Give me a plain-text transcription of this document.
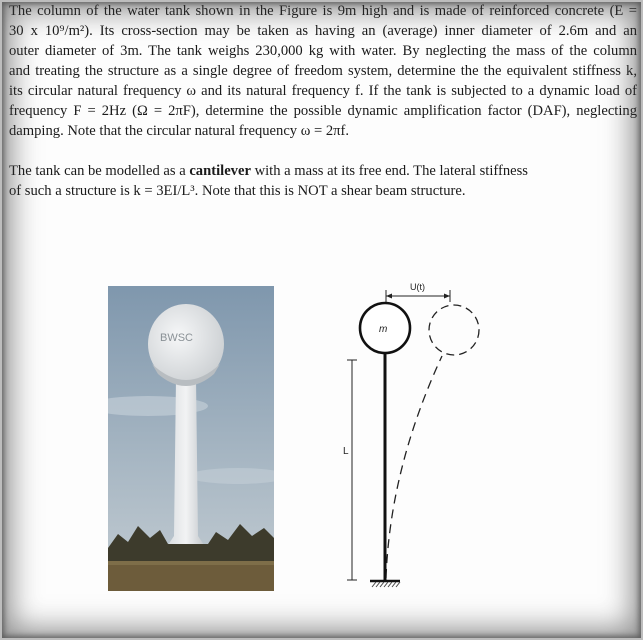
The column of the water tank shown in the Figure is 9m high and is made of reinforced concrete (E =
30 x 10⁹/m²). Its cross-section may be taken as having an (average) inner diameter of 2.6m and an
outer diameter of 3m. The tank weighs 230,000 kg with water. By neglecting the mass of the column
and treating the structure as a single degree of freedom system, determine the the equivalent stiffness k,
its circular natural frequency ω and its natural frequency f. If the tank is subjected to a dynamic load of
frequency F = 2Hz (Ω = 2πF), determine the possible dynamic amplification factor (DAF), neglecting
damping. Note that the circular natural frequency ω = 2πf.
The tank can be modelled as a cantilever with a mass at its free end. The lateral stiffness
of such a structure is k = 3EI/L³. Note that this is NOT a shear beam structure.
BWSC
U(t)
m
L
